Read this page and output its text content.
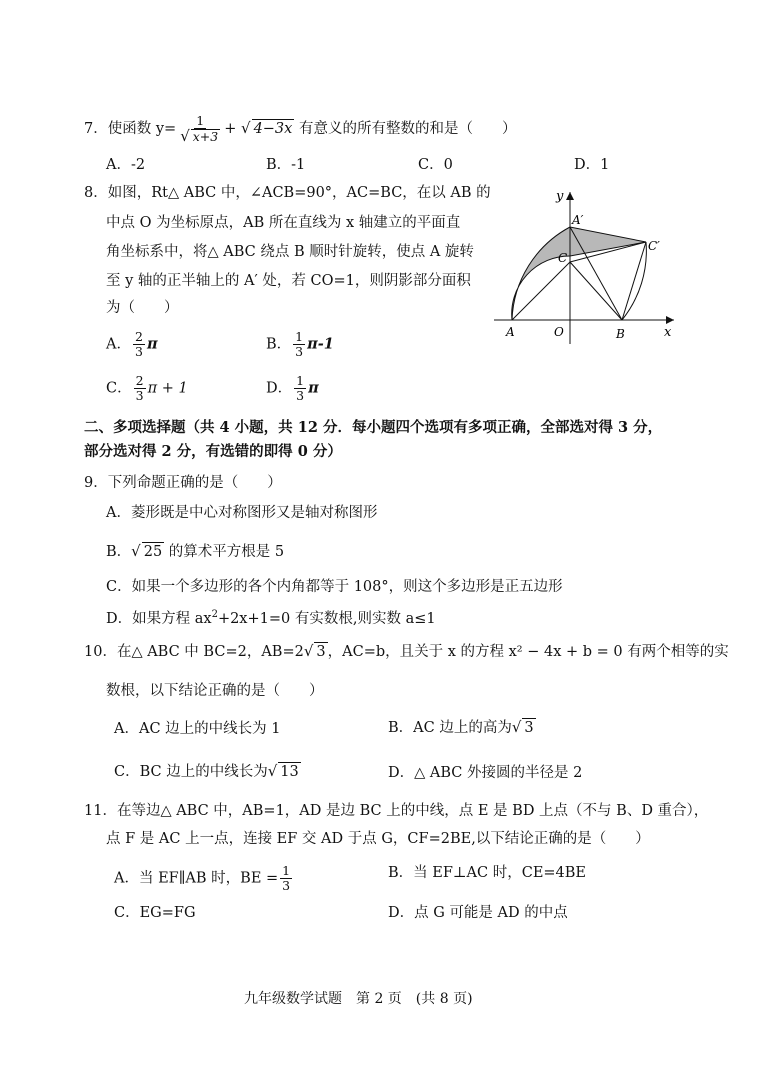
7．使函数 $y= \frac{1}{√ x+3}$ + √ 4−3x 有意义的所有整数的和是（　　）
A．-2	B．-1	C．0	D．1
8．如图，Rt△ ABC 中，∠ACB=90°，AC=BC，在以 AB 的
中点 O 为坐标原点，AB 所在直线为 x 轴建立的平面直
角坐标系中，将△ ABC 绕点 B 顺时针旋转，使点 A 旋转
至 y 轴的正半轴上的 A′ 处，若 CO=1，则阴影部分面积
为（　　）
A． $\frac{2}{3}$ π	B． $\frac{1}{3} \pi-1$
C． $\frac{2}{3}$ π + 1	D． $\frac{1}{3}$ π
y
x
A′
C′
C
A	O	B
二、多项选择题（共 4 小题，共 12 分．每小题四个选项有多项正确，全部选对得 3 分，
部分选对得 2 分，有选错的即得 0 分）
9．下列命题正确的是（　　）
A．菱形既是中心对称图形又是轴对称图形
B．√ 25 的算术平方根是 5
C．如果一个多边形的各个内角都等于 108°，则这个多边形是正五边形
D．如果方程 $ax^2+2x+1=0$ 有实数根,则实数 a≤1
10．在△ ABC 中 BC=2，AB=2√ 3 ，AC=b，且关于 x 的方程 x² − 4x + b = 0 有两个相等的实
数根，以下结论正确的是（　　）
A．AC 边上的中线长为 1	B．AC 边上的高为√ 3
C．BC 边上的中线长为√ 13	D．△ ABC 外接圆的半径是 2
11．在等边△ ABC 中，AB=1，AD 是边 BC 上的中线，点 E 是 BD 上点（不与 B、D 重合），
点 F 是 AC 上一点，连接 EF 交 AD 于点 G，CF=2BE,以下结论正确的是（　　）
A．当 EF∥AB 时，BE = $\frac{1}{3}$	B．当 EF⊥AC 时，CE=4BE
C．EG=FG	D．点 G 可能是 AD 的中点
九年级数学试题　第 2 页　(共 8 页)
